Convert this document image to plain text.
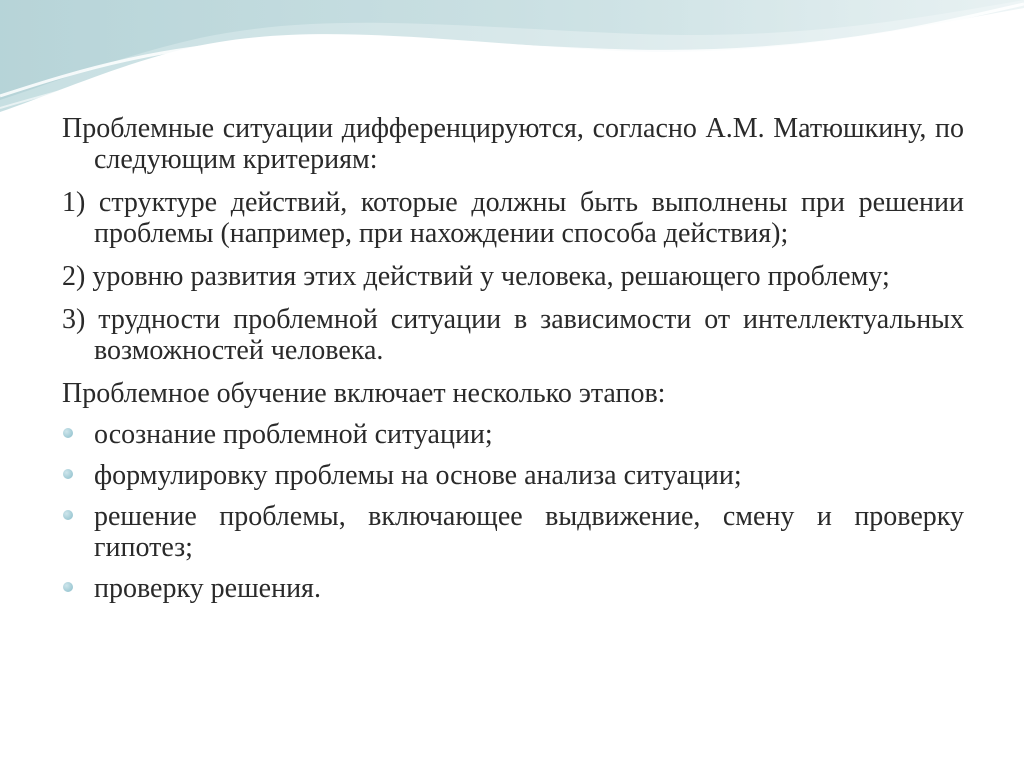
Проблемные ситуации дифференцируются, согласно А.М. Матюшкину, по следующим критериям:

1) структуре действий, которые должны быть выполнены при решении проблемы (например, при нахождении способа действия);

2) уровню развития этих действий у человека, решающего проблему;

3) трудности проблемной ситуации в зависимости от интеллектуальных возможностей человека.

Проблемное обучение включает несколько этапов:

осознание проблемной ситуации;
формулировку проблемы на основе анализа ситуации;
решение проблемы, включающее выдвижение, смену и проверку гипотез;
проверку решения.
